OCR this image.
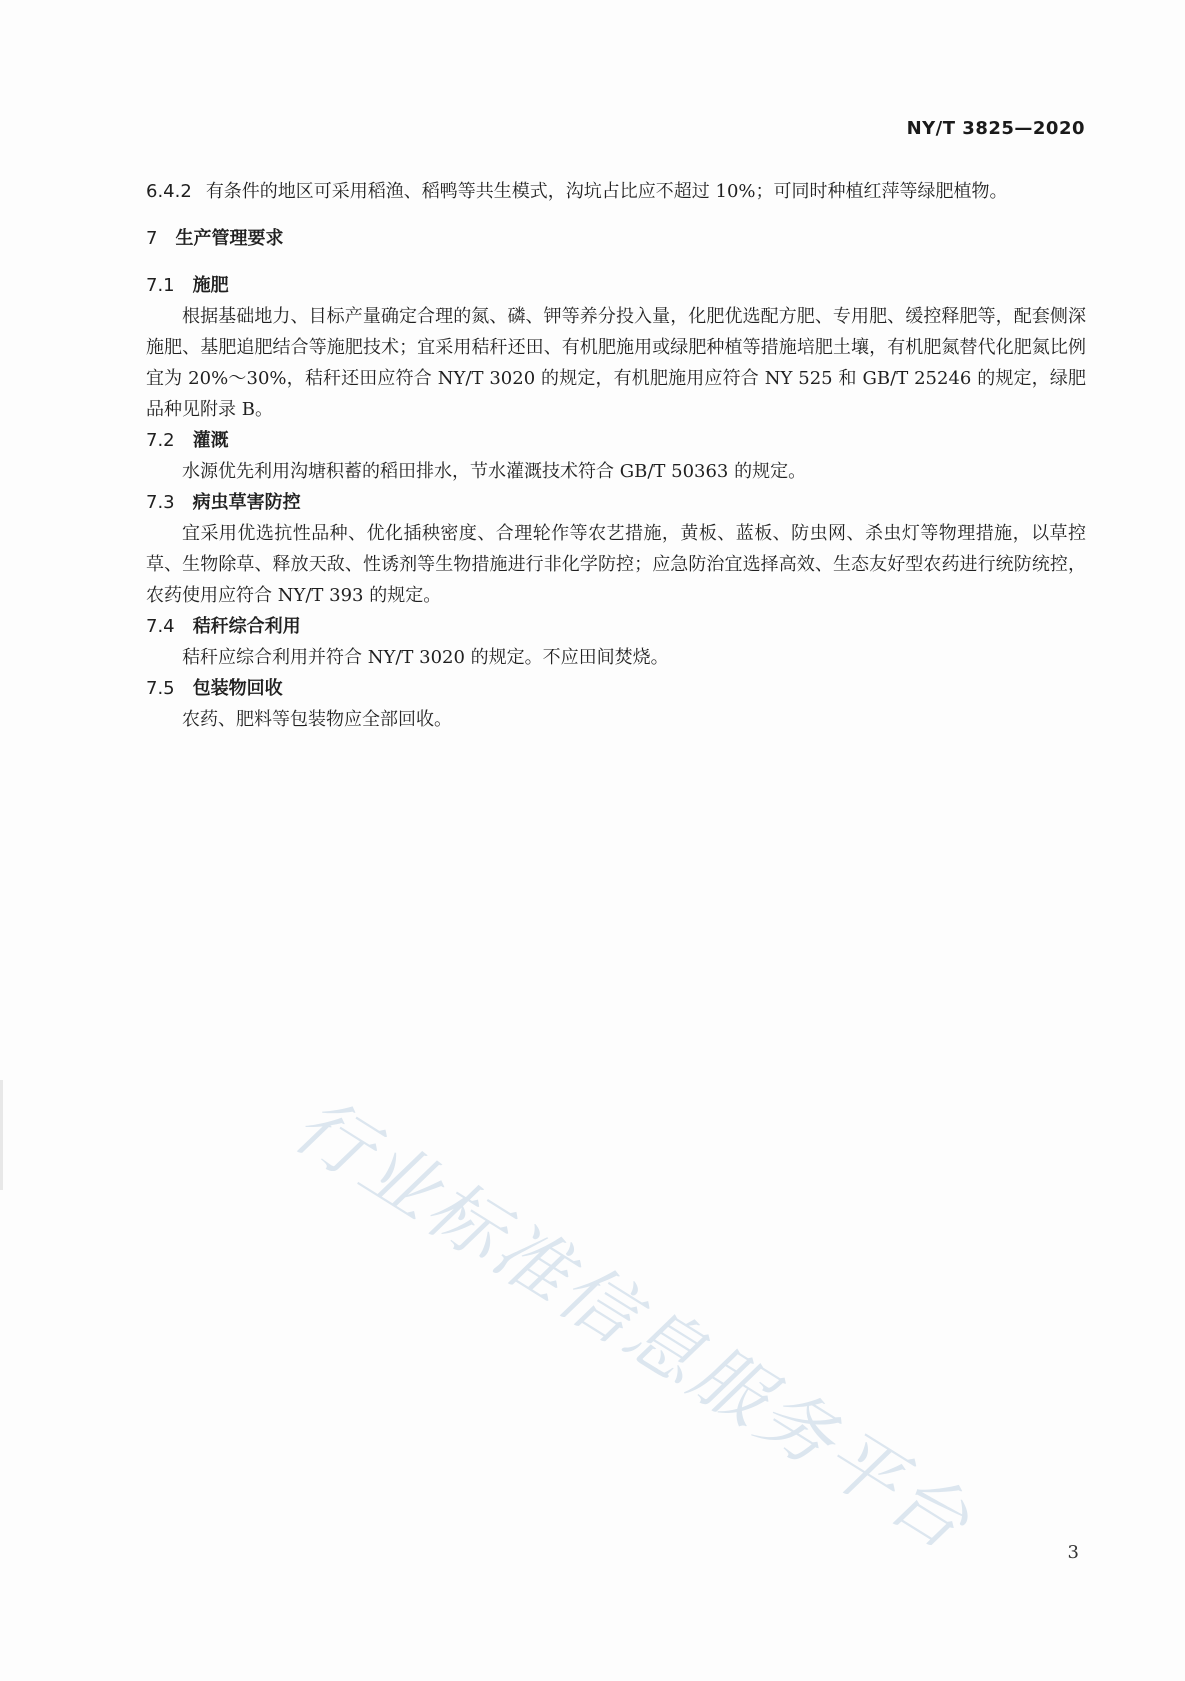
NY/T 3825—2020

6.4.2 有条件的地区可采用稻渔、稻鸭等共生模式，沟坑占比应不超过 10%；可同时种植红萍等绿肥植物。

7 生产管理要求

7.1 施肥

根据基础地力、目标产量确定合理的氮、磷、钾等养分投入量，化肥优选配方肥、专用肥、缓控释肥等，配套侧深施肥、基肥追肥结合等施肥技术；宜采用秸秆还田、有机肥施用或绿肥种植等措施培肥土壤，有机肥氮替代化肥氮比例宜为 20%～30%，秸秆还田应符合 NY/T 3020 的规定，有机肥施用应符合 NY 525 和 GB/T 25246 的规定，绿肥品种见附录 B。

7.2 灌溉

水源优先利用沟塘积蓄的稻田排水，节水灌溉技术符合 GB/T 50363 的规定。

7.3 病虫草害防控

宜采用优选抗性品种、优化插秧密度、合理轮作等农艺措施，黄板、蓝板、防虫网、杀虫灯等物理措施，以草控草、生物除草、释放天敌、性诱剂等生物措施进行非化学防控；应急防治宜选择高效、生态友好型农药进行统防统控，农药使用应符合 NY/T 393 的规定。

7.4 秸秆综合利用

秸秆应综合利用并符合 NY/T 3020 的规定。不应田间焚烧。

7.5 包装物回收

农药、肥料等包装物应全部回收。

行业标准信息服务平台	3
